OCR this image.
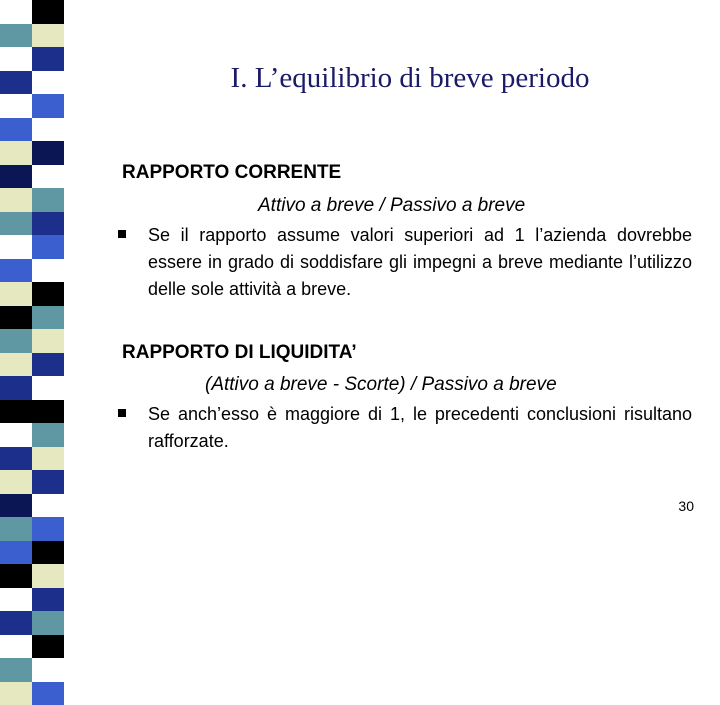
I. L’equilibrio di breve periodo
RAPPORTO CORRENTE
Attivo a breve / Passivo a breve
Se il rapporto assume valori superiori ad 1 l’azienda dovrebbe essere in grado di soddisfare gli impegni a breve mediante l’utilizzo delle sole attività a breve.
RAPPORTO DI LIQUIDITA’
(Attivo a breve - Scorte) / Passivo a breve
Se anch’esso è maggiore di 1, le precedenti conclusioni risultano rafforzate.
30
